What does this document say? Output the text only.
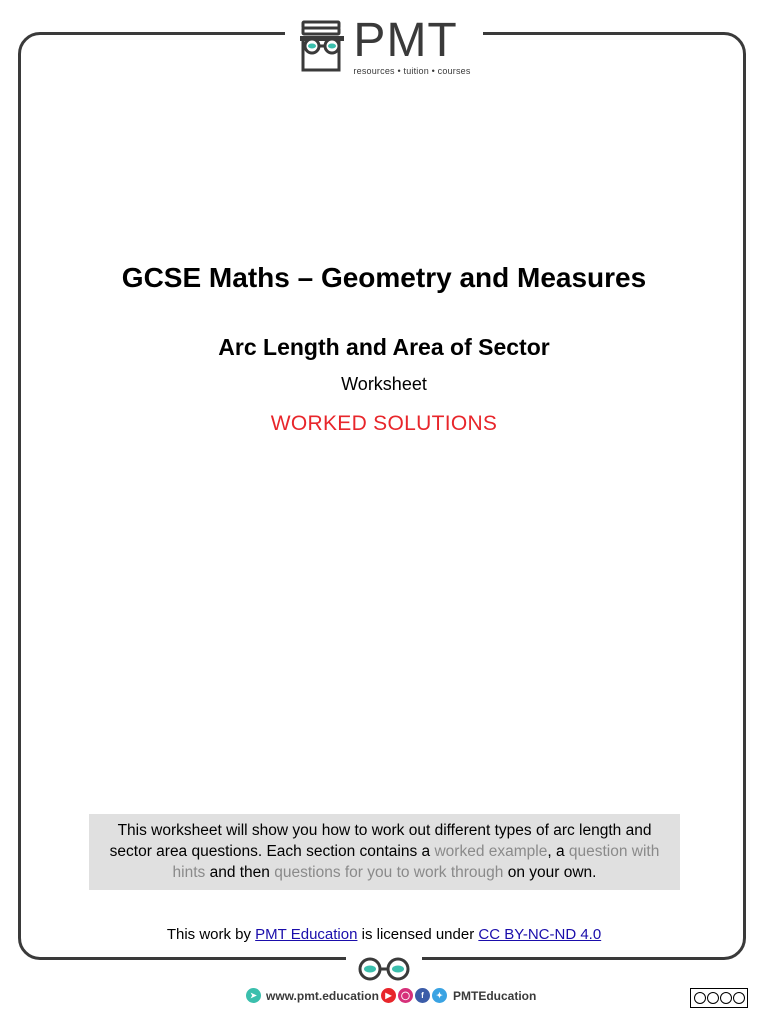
PMT
resources • tuition • courses
GCSE Maths – Geometry and Measures
Arc Length and Area of Sector
Worksheet
WORKED SOLUTIONS
This worksheet will show you how to work out different types of arc length and sector area questions. Each section contains a worked example, a question with hints and then questions for you to work through on your own.
This work by PMT Education is licensed under CC BY-NC-ND 4.0
➤ www.pmt.education ▶	◯	f	✦ PMTEducation
